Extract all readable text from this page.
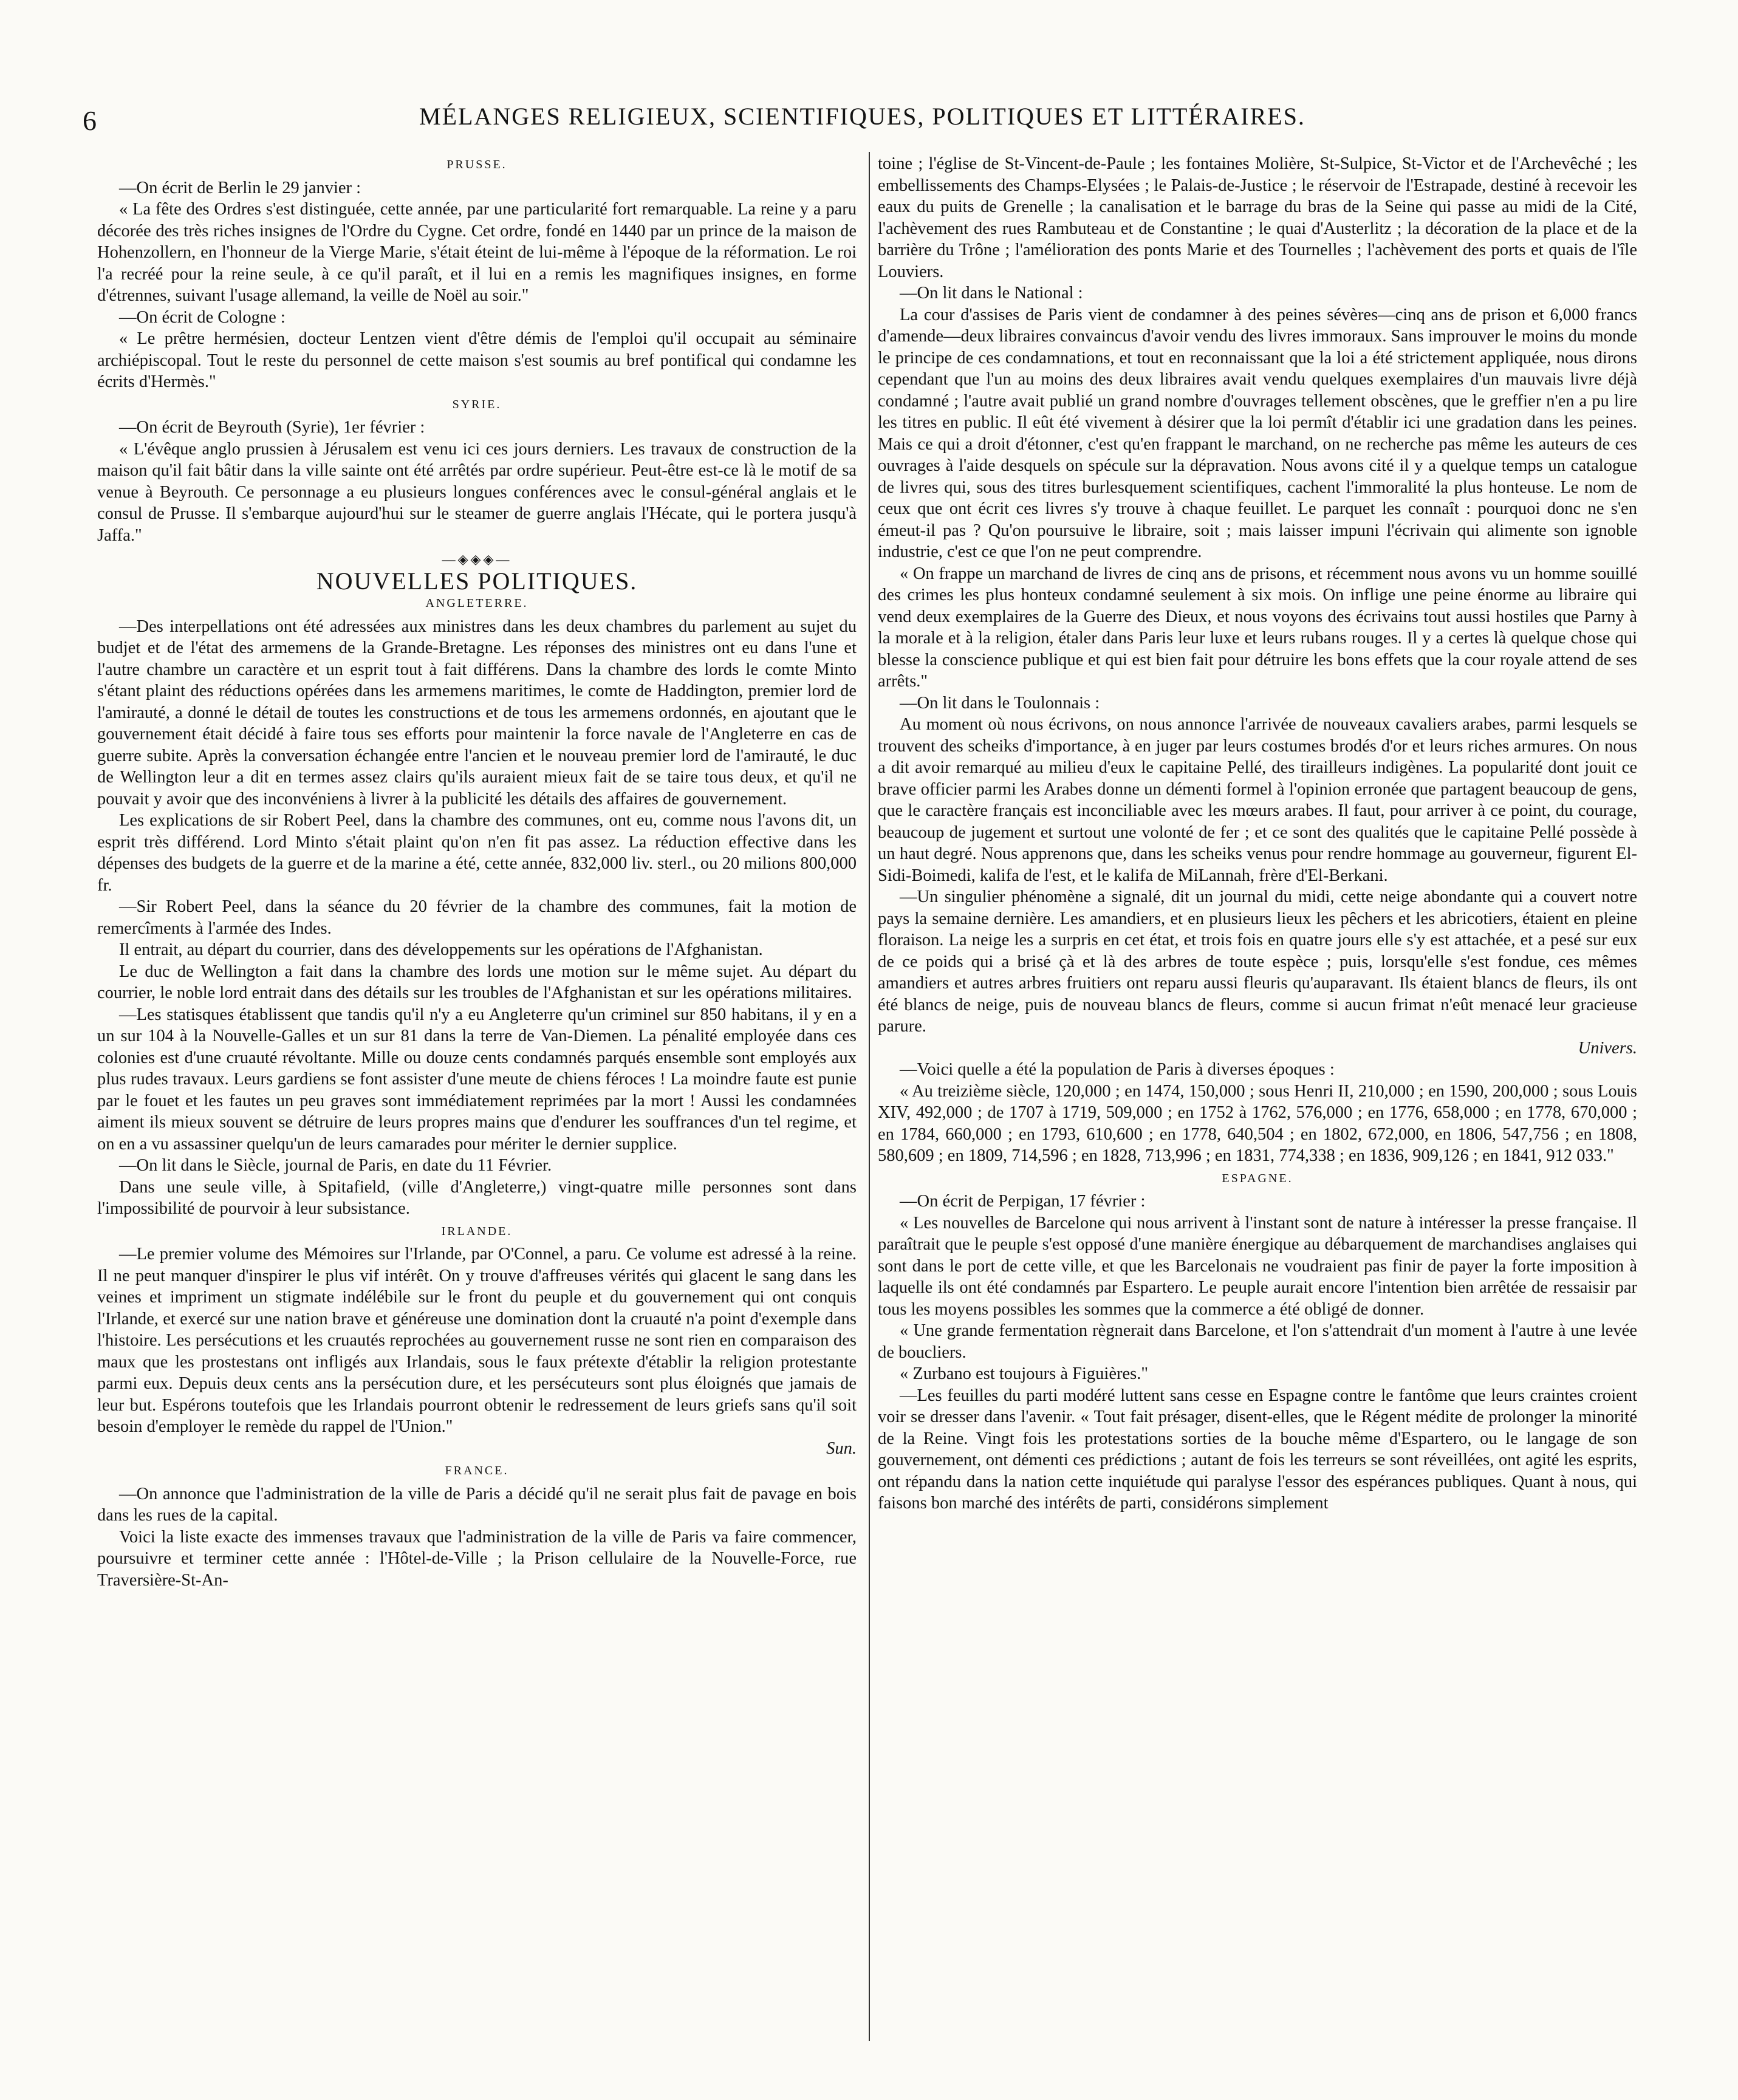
6	MÉLANGES RELIGIEUX, SCIENTIFIQUES, POLITIQUES ET LITTÉRAIRES.
PRUSSE.

—On écrit de Berlin le 29 janvier :

« La fête des Ordres s'est distinguée, cette année, par une particularité fort remarquable. La reine y a paru décorée des très riches insignes de l'Ordre du Cygne. Cet ordre, fondé en 1440 par un prince de la maison de Hohenzollern, en l'honneur de la Vierge Marie, s'était éteint de lui-même à l'époque de la réformation. Le roi l'a recréé pour la reine seule, à ce qu'il paraît, et il lui en a remis les magnifiques insignes, en forme d'étrennes, suivant l'usage allemand, la veille de Noël au soir."

—On écrit de Cologne :

« Le prêtre hermésien, docteur Lentzen vient d'être démis de l'emploi qu'il occupait au séminaire archiépiscopal. Tout le reste du personnel de cette maison s'est soumis au bref pontifical qui condamne les écrits d'Hermès."

SYRIE.

—On écrit de Beyrouth (Syrie), 1er février :

« L'évêque anglo prussien à Jérusalem est venu ici ces jours derniers. Les travaux de construction de la maison qu'il fait bâtir dans la ville sainte ont été arrêtés par ordre supérieur. Peut-être est-ce là le motif de sa venue à Beyrouth. Ce personnage a eu plusieurs longues conférences avec le consul-général anglais et le consul de Prusse. Il s'embarque aujourd'hui sur le steamer de guerre anglais l'Hécate, qui le portera jusqu'à Jaffa."

—◈◈◈—
NOUVELLES POLITIQUES.
ANGLETERRE.

—Des interpellations ont été adressées aux ministres dans les deux chambres du parlement au sujet du budjet et de l'état des armemens de la Grande-Bretagne. Les réponses des ministres ont eu dans l'une et l'autre chambre un caractère et un esprit tout à fait différens. Dans la chambre des lords le comte Minto s'étant plaint des réductions opérées dans les armemens maritimes, le comte de Haddington, premier lord de l'amirauté, a donné le détail de toutes les constructions et de tous les armemens ordonnés, en ajoutant que le gouvernement était décidé à faire tous ses efforts pour maintenir la force navale de l'Angleterre en cas de guerre subite. Après la conversation échangée entre l'ancien et le nouveau premier lord de l'amirauté, le duc de Wellington leur a dit en termes assez clairs qu'ils auraient mieux fait de se taire tous deux, et qu'il ne pouvait y avoir que des inconvéniens à livrer à la publicité les détails des affaires de gouvernement.

Les explications de sir Robert Peel, dans la chambre des communes, ont eu, comme nous l'avons dit, un esprit très différend. Lord Minto s'était plaint qu'on n'en fit pas assez. La réduction effective dans les dépenses des budgets de la guerre et de la marine a été, cette année, 832,000 liv. sterl., ou 20 milions 800,000 fr.

—Sir Robert Peel, dans la séance du 20 février de la chambre des communes, fait la motion de remercîments à l'armée des Indes.

Il entrait, au départ du courrier, dans des développements sur les opérations de l'Afghanistan.

Le duc de Wellington a fait dans la chambre des lords une motion sur le même sujet. Au départ du courrier, le noble lord entrait dans des détails sur les troubles de l'Afghanistan et sur les opérations militaires.

—Les statisques établissent que tandis qu'il n'y a eu Angleterre qu'un criminel sur 850 habitans, il y en a un sur 104 à la Nouvelle-Galles et un sur 81 dans la terre de Van-Diemen. La pénalité employée dans ces colonies est d'une cruauté révoltante. Mille ou douze cents condamnés parqués ensemble sont employés aux plus rudes travaux. Leurs gardiens se font assister d'une meute de chiens féroces ! La moindre faute est punie par le fouet et les fautes un peu graves sont immédiatement reprimées par la mort ! Aussi les condamnées aiment ils mieux souvent se détruire de leurs propres mains que d'endurer les souffrances d'un tel regime, et on en a vu assassiner quelqu'un de leurs camarades pour mériter le dernier supplice.

—On lit dans le Siècle, journal de Paris, en date du 11 Février.

Dans une seule ville, à Spitafield, (ville d'Angleterre,) vingt-quatre mille personnes sont dans l'impossibilité de pourvoir à leur subsistance.

IRLANDE.

—Le premier volume des Mémoires sur l'Irlande, par O'Connel, a paru. Ce volume est adressé à la reine. Il ne peut manquer d'inspirer le plus vif intérêt. On y trouve d'affreuses vérités qui glacent le sang dans les veines et impriment un stigmate indélébile sur le front du peuple et du gouvernement qui ont conquis l'Irlande, et exercé sur une nation brave et généreuse une domination dont la cruauté n'a point d'exemple dans l'histoire. Les persécutions et les cruautés reprochées au gouvernement russe ne sont rien en comparaison des maux que les prostestans ont infligés aux Irlandais, sous le faux prétexte d'établir la religion protestante parmi eux. Depuis deux cents ans la persécution dure, et les persécuteurs sont plus éloignés que jamais de leur but. Espérons toutefois que les Irlandais pourront obtenir le redressement de leurs griefs sans qu'il soit besoin d'employer le remède du rappel de l'Union."

Sun.

FRANCE.

—On annonce que l'administration de la ville de Paris a décidé qu'il ne serait plus fait de pavage en bois dans les rues de la capital.

Voici la liste exacte des immenses travaux que l'administration de la ville de Paris va faire commencer, poursuivre et terminer cette année : l'Hôtel-de-Ville ; la Prison cellulaire de la Nouvelle-Force, rue Traversière-St-An-

toine ; l'église de St-Vincent-de-Paule ; les fontaines Molière, St-Sulpice, St-Victor et de l'Archevêché ; les embellissements des Champs-Elysées ; le Palais-de-Justice ; le réservoir de l'Estrapade, destiné à recevoir les eaux du puits de Grenelle ; la canalisation et le barrage du bras de la Seine qui passe au midi de la Cité, l'achèvement des rues Rambuteau et de Constantine ; le quai d'Austerlitz ; la décoration de la place et de la barrière du Trône ; l'amélioration des ponts Marie et des Tournelles ; l'achèvement des ports et quais de l'île Louviers.

—On lit dans le National :

La cour d'assises de Paris vient de condamner à des peines sévères—cinq ans de prison et 6,000 francs d'amende—deux libraires convaincus d'avoir vendu des livres immoraux. Sans improuver le moins du monde le principe de ces condamnations, et tout en reconnaissant que la loi a été strictement appliquée, nous dirons cependant que l'un au moins des deux libraires avait vendu quelques exemplaires d'un mauvais livre déjà condamné ; l'autre avait publié un grand nombre d'ouvrages tellement obscènes, que le greffier n'en a pu lire les titres en public. Il eût été vivement à désirer que la loi permît d'établir ici une gradation dans les peines. Mais ce qui a droit d'étonner, c'est qu'en frappant le marchand, on ne recherche pas même les auteurs de ces ouvrages à l'aide desquels on spécule sur la dépravation. Nous avons cité il y a quelque temps un catalogue de livres qui, sous des titres burlesquement scientifiques, cachent l'immoralité la plus honteuse. Le nom de ceux que ont écrit ces livres s'y trouve à chaque feuillet. Le parquet les connaît : pourquoi donc ne s'en émeut-il pas ? Qu'on poursuive le libraire, soit ; mais laisser impuni l'écrivain qui alimente son ignoble industrie, c'est ce que l'on ne peut comprendre.

« On frappe un marchand de livres de cinq ans de prisons, et récemment nous avons vu un homme souillé des crimes les plus honteux condamné seulement à six mois. On inflige une peine énorme au libraire qui vend deux exemplaires de la Guerre des Dieux, et nous voyons des écrivains tout aussi hostiles que Parny à la morale et à la religion, étaler dans Paris leur luxe et leurs rubans rouges. Il y a certes là quelque chose qui blesse la conscience publique et qui est bien fait pour détruire les bons effets que la cour royale attend de ses arrêts."

—On lit dans le Toulonnais :

Au moment où nous écrivons, on nous annonce l'arrivée de nouveaux cavaliers arabes, parmi lesquels se trouvent des scheiks d'importance, à en juger par leurs costumes brodés d'or et leurs riches armures. On nous a dit avoir remarqué au milieu d'eux le capitaine Pellé, des tirailleurs indigènes. La popularité dont jouit ce brave officier parmi les Arabes donne un démenti formel à l'opinion erronée que partagent beaucoup de gens, que le caractère français est inconciliable avec les mœurs arabes. Il faut, pour arriver à ce point, du courage, beaucoup de jugement et surtout une volonté de fer ; et ce sont des qualités que le capitaine Pellé possède à un haut degré. Nous apprenons que, dans les scheiks venus pour rendre hommage au gouverneur, figurent El-Sidi-Boimedi, kalifa de l'est, et le kalifa de MiLannah, frère d'El-Berkani.

—Un singulier phénomène a signalé, dit un journal du midi, cette neige abondante qui a couvert notre pays la semaine dernière. Les amandiers, et en plusieurs lieux les pêchers et les abricotiers, étaient en pleine floraison. La neige les a surpris en cet état, et trois fois en quatre jours elle s'y est attachée, et a pesé sur eux de ce poids qui a brisé çà et là des arbres de toute espèce ; puis, lorsqu'elle s'est fondue, ces mêmes amandiers et autres arbres fruitiers ont reparu aussi fleuris qu'auparavant. Ils étaient blancs de fleurs, ils ont été blancs de neige, puis de nouveau blancs de fleurs, comme si aucun frimat n'eût menacé leur gracieuse parure.

Univers.

—Voici quelle a été la population de Paris à diverses époques :

« Au treizième siècle, 120,000 ; en 1474, 150,000 ; sous Henri II, 210,000 ; en 1590, 200,000 ; sous Louis XIV, 492,000 ; de 1707 à 1719, 509,000 ; en 1752 à 1762, 576,000 ; en 1776, 658,000 ; en 1778, 670,000 ; en 1784, 660,000 ; en 1793, 610,600 ; en 1778, 640,504 ; en 1802, 672,000, en 1806, 547,756 ; en 1808, 580,609 ; en 1809, 714,596 ; en 1828, 713,996 ; en 1831, 774,338 ; en 1836, 909,126 ; en 1841, 912 033."

ESPAGNE.

—On écrit de Perpigan, 17 février :

« Les nouvelles de Barcelone qui nous arrivent à l'instant sont de nature à intéresser la presse française. Il paraîtrait que le peuple s'est opposé d'une manière énergique au débarquement de marchandises anglaises qui sont dans le port de cette ville, et que les Barcelonais ne voudraient pas finir de payer la forte imposition à laquelle ils ont été condamnés par Espartero. Le peuple aurait encore l'intention bien arrêtée de ressaisir par tous les moyens possibles les sommes que la commerce a été obligé de donner.

« Une grande fermentation règnerait dans Barcelone, et l'on s'attendrait d'un moment à l'autre à une levée de boucliers.

« Zurbano est toujours à Figuières."

—Les feuilles du parti modéré luttent sans cesse en Espagne contre le fantôme que leurs craintes croient voir se dresser dans l'avenir. « Tout fait présager, disent-elles, que le Régent médite de prolonger la minorité de la Reine. Vingt fois les protestations sorties de la bouche même d'Espartero, ou le langage de son gouvernement, ont démenti ces prédictions ; autant de fois les terreurs se sont réveillées, ont agité les esprits, ont répandu dans la nation cette inquiétude qui paralyse l'essor des espérances publiques. Quant à nous, qui faisons bon marché des intérêts de parti, considérons simplement
